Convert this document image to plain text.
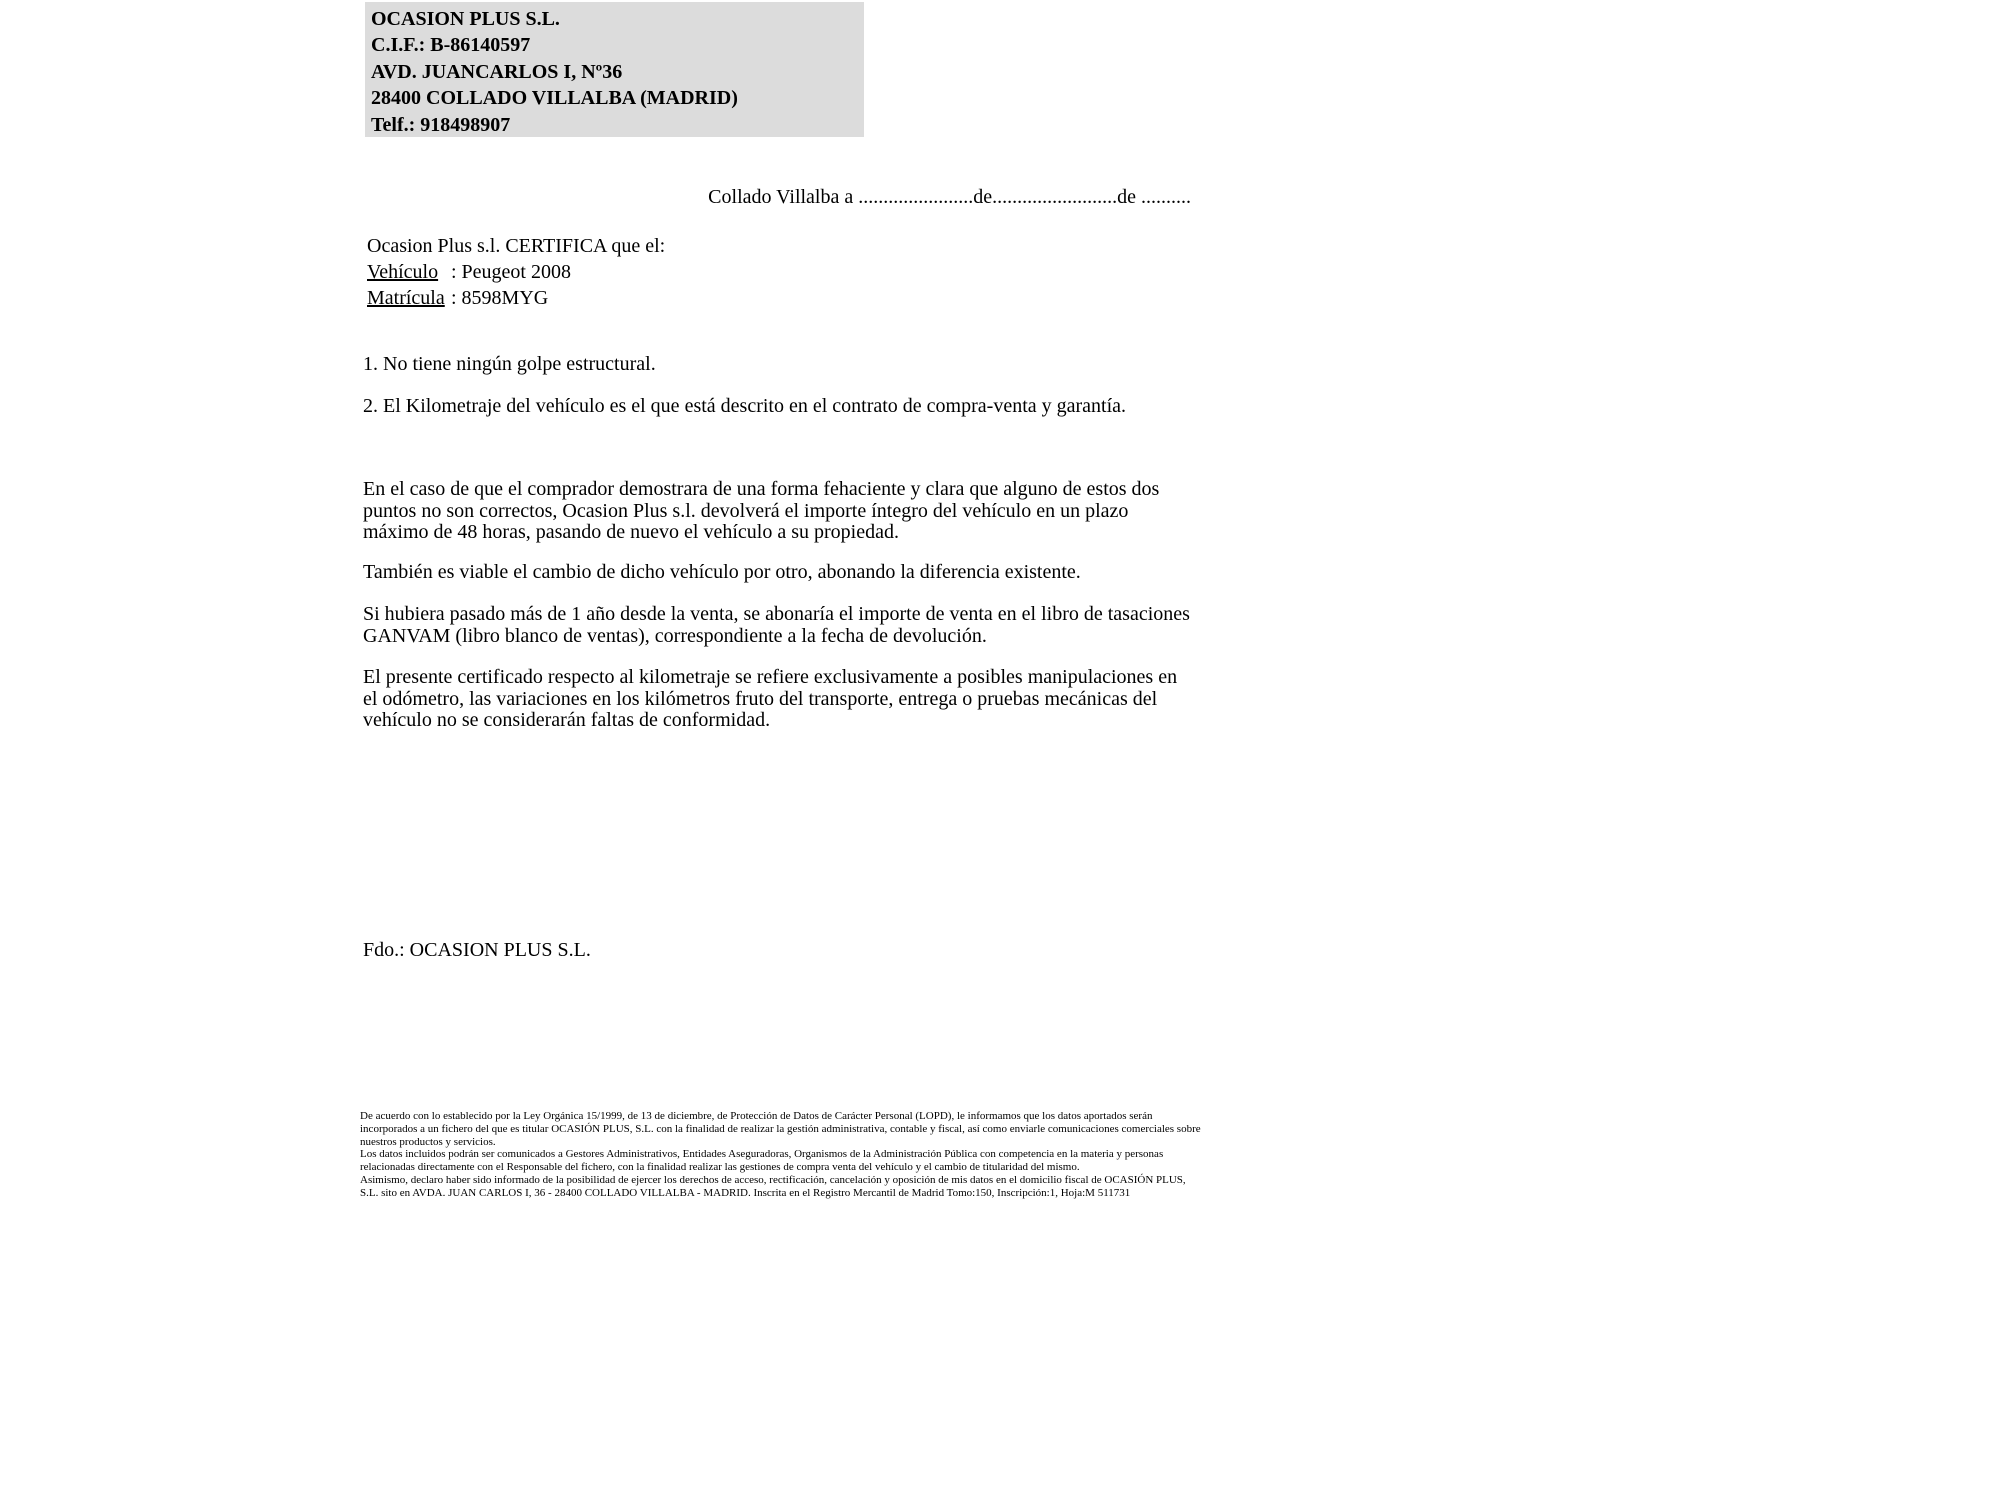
OCASION PLUS S.L.
C.I.F.: B-86140597
AVD. JUANCARLOS I, Nº36
28400 COLLADO VILLALBA (MADRID)
Telf.: 918498907
Collado Villalba a .......................de.........................de ..........
Ocasion Plus s.l. CERTIFICA que el:
Vehículo : Peugeot 2008
Matrícula : 8598MYG
1. No tiene ningún golpe estructural.
2. El Kilometraje del vehículo es el que está descrito en el contrato de compra-venta y garantía.
En el caso de que el comprador demostrara de una forma fehaciente y clara que alguno de estos dos puntos no son correctos, Ocasion Plus s.l. devolverá el importe íntegro del vehículo en un plazo máximo de 48 horas, pasando de nuevo el vehículo a su propiedad.
También es viable el cambio de dicho vehículo por otro, abonando la diferencia existente.
Si hubiera pasado más de 1 año desde la venta, se abonaría el importe de venta en el libro de tasaciones GANVAM (libro blanco de ventas), correspondiente a la fecha de devolución.
El presente certificado respecto al kilometraje se refiere exclusivamente a posibles manipulaciones en el odómetro, las variaciones en los kilómetros fruto del transporte, entrega o pruebas mecánicas del vehículo no se considerarán faltas de conformidad.
Fdo.: OCASION PLUS S.L.
De acuerdo con lo establecido por la Ley Orgánica 15/1999, de 13 de diciembre, de Protección de Datos de Carácter Personal (LOPD), le informamos que los datos aportados serán incorporados a un fichero del que es titular OCASIÓN PLUS, S.L. con la finalidad de realizar la gestión administrativa, contable y fiscal, así como enviarle comunicaciones comerciales sobre nuestros productos y servicios.
Los datos incluidos podrán ser comunicados a Gestores Administrativos, Entidades Aseguradoras, Organismos de la Administración Pública con competencia en la materia y personas relacionadas directamente con el Responsable del fichero, con la finalidad realizar las gestiones de compra venta del vehículo y el cambio de titularidad del mismo.
Asimismo, declaro haber sido informado de la posibilidad de ejercer los derechos de acceso, rectificación, cancelación y oposición de mis datos en el domicilio fiscal de OCASIÓN PLUS, S.L. sito en AVDA. JUAN CARLOS I, 36 - 28400 COLLADO VILLALBA - MADRID. Inscrita en el Registro Mercantil de Madrid Tomo:150, Inscripción:1, Hoja:M 511731
